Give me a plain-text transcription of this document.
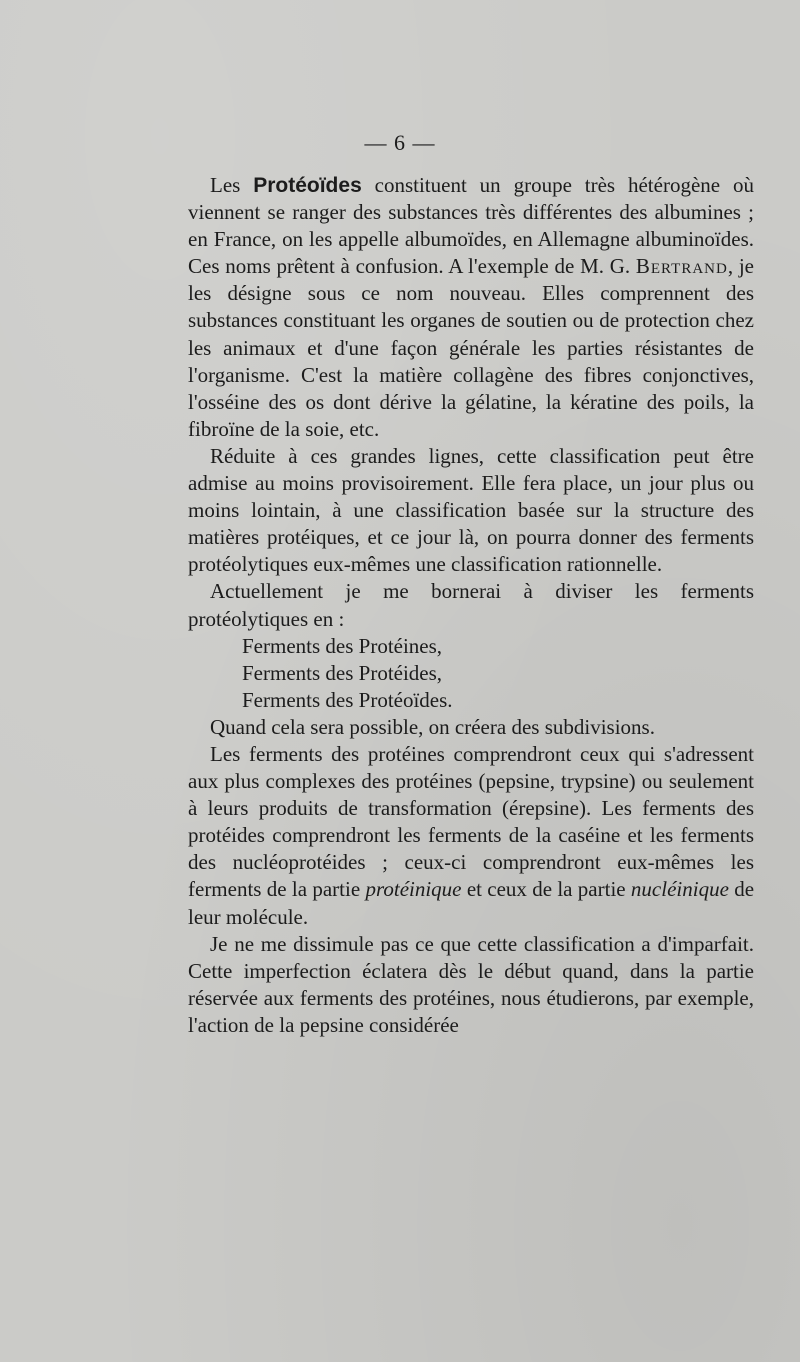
— 6 —

Les Protéoïdes constituent un groupe très hétérogène où viennent se ranger des substances très différentes des albumines ; en France, on les appelle albumoïdes, en Allemagne albuminoïdes. Ces noms prêtent à confusion. A l'exemple de M. G. Bertrand, je les désigne sous ce nom nouveau. Elles comprennent des substances constituant les organes de soutien ou de protection chez les animaux et d'une façon générale les parties résistantes de l'organisme. C'est la matière collagène des fibres conjonctives, l'osséine des os dont dérive la gélatine, la kératine des poils, la fibroïne de la soie, etc.

Réduite à ces grandes lignes, cette classification peut être admise au moins provisoirement. Elle fera place, un jour plus ou moins lointain, à une classification basée sur la structure des matières protéiques, et ce jour là, on pourra donner des ferments protéolytiques eux-mêmes une classification rationnelle.

Actuellement je me bornerai à diviser les ferments protéolytiques en :

Ferments des Protéines,
Ferments des Protéides,
Ferments des Protéoïdes.

Quand cela sera possible, on créera des subdivisions.

Les ferments des protéines comprendront ceux qui s'adressent aux plus complexes des protéines (pepsine, trypsine) ou seulement à leurs produits de transformation (érepsine). Les ferments des protéides comprendront les ferments de la caséine et les ferments des nucléoprotéides ; ceux-ci comprendront eux-mêmes les ferments de la partie protéinique et ceux de la partie nucléinique de leur molécule.

Je ne me dissimule pas ce que cette classification a d'imparfait. Cette imperfection éclatera dès le début quand, dans la partie réservée aux ferments des protéines, nous étudierons, par exemple, l'action de la pepsine considérée
